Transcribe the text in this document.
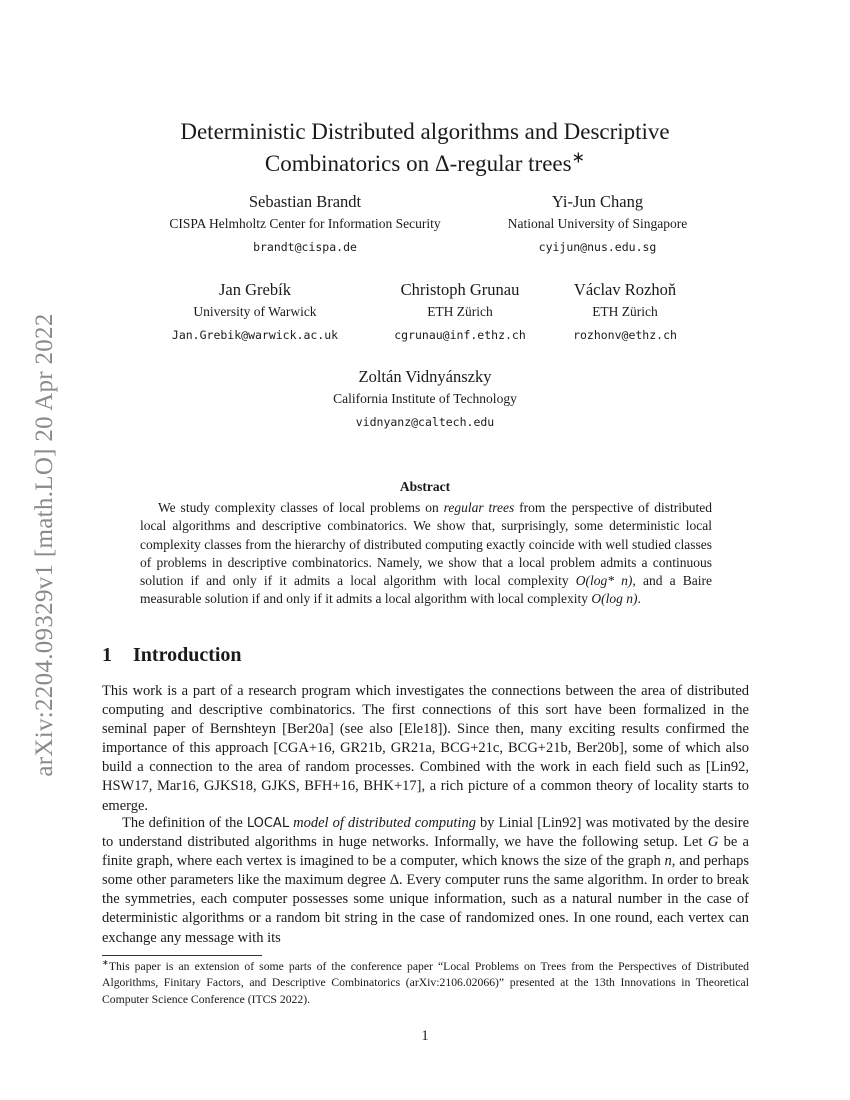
arXiv:2204.09329v1 [math.LO] 20 Apr 2022
Deterministic Distributed algorithms and Descriptive
Combinatorics on Δ-regular trees∗
Sebastian Brandt
CISPA Helmholtz Center for Information Security
brandt@cispa.de
Yi-Jun Chang
National University of Singapore
cyijun@nus.edu.sg
Jan Grebík
University of Warwick
Jan.Grebik@warwick.ac.uk
Christoph Grunau
ETH Zürich
cgrunau@inf.ethz.ch
Václav Rozhoň
ETH Zürich
rozhonv@ethz.ch
Zoltán Vidnyánszky
California Institute of Technology
vidnyanz@caltech.edu
Abstract
We study complexity classes of local problems on regular trees from the perspective of distributed local algorithms and descriptive combinatorics. We show that, surprisingly, some deterministic local complexity classes from the hierarchy of distributed computing exactly coincide with well studied classes of problems in descriptive combinatorics. Namely, we show that a local problem admits a continuous solution if and only if it admits a local algorithm with local complexity O(log* n), and a Baire measurable solution if and only if it admits a local algorithm with local complexity O(log n).
1 Introduction
This work is a part of a research program which investigates the connections between the area of distributed computing and descriptive combinatorics. The first connections of this sort have been formalized in the seminal paper of Bernshteyn [Ber20a] (see also [Ele18]). Since then, many exciting results confirmed the importance of this approach [CGA+16, GR21b, GR21a, BCG+21c, BCG+21b, Ber20b], some of which also build a connection to the area of random processes. Combined with the work in each field such as [Lin92, HSW17, Mar16, GJKS18, GJKS, BFH+16, BHK+17], a rich picture of a common theory of locality starts to emerge.
The definition of the LOCAL model of distributed computing by Linial [Lin92] was motivated by the desire to understand distributed algorithms in huge networks. Informally, we have the following setup. Let G be a finite graph, where each vertex is imagined to be a computer, which knows the size of the graph n, and perhaps some other parameters like the maximum degree Δ. Every computer runs the same algorithm. In order to break the symmetries, each computer possesses some unique information, such as a natural number in the case of deterministic algorithms or a random bit string in the case of randomized ones. In one round, each vertex can exchange any message with its
∗This paper is an extension of some parts of the conference paper “Local Problems on Trees from the Perspectives of Distributed Algorithms, Finitary Factors, and Descriptive Combinatorics (arXiv:2106.02066)” presented at the 13th Innovations in Theoretical Computer Science Conference (ITCS 2022).
1
